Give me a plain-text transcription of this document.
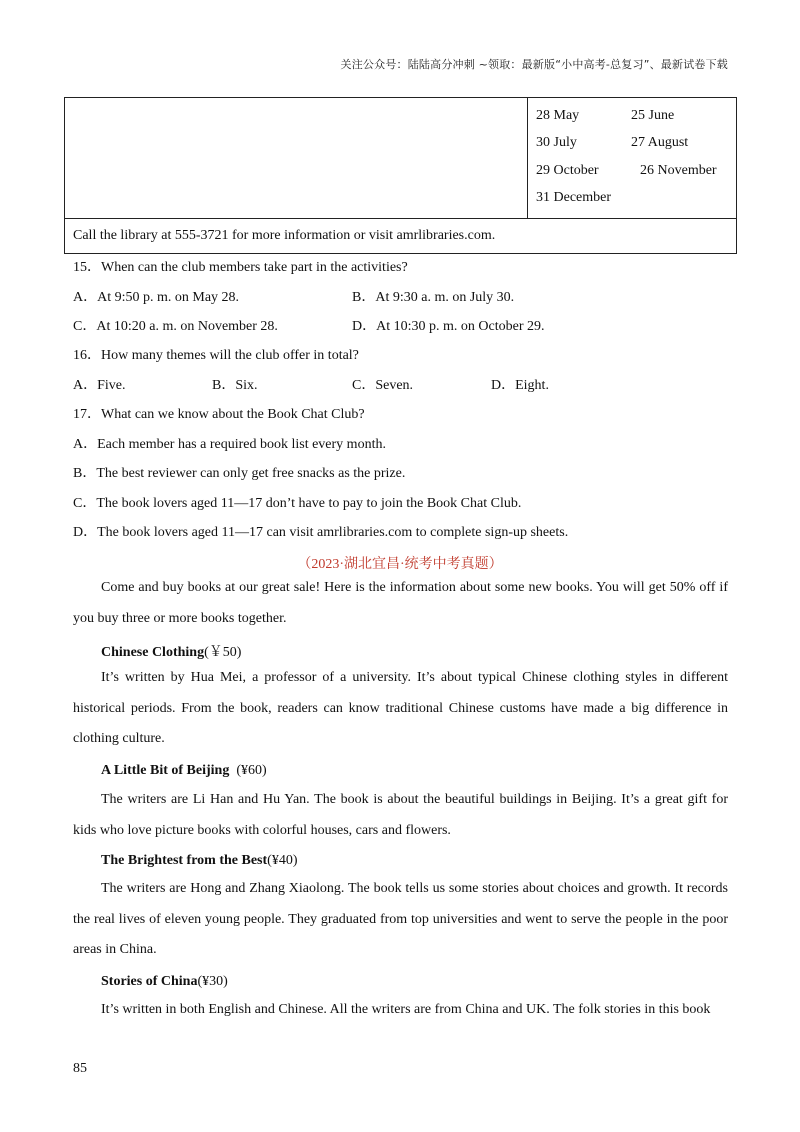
关注公众号：陆陆高分冲刺 ~领取：最新版“小中高考-总复习”、最新试卷下载

28 May	25 June
30 July	27 August
29 October	26 November
31 December

Call the library at 555-3721 for more information or visit amrlibraries.com.
15．When can the club members take part in the activities?
A．At 9:50 p. m. on May 28.	B．At 9:30 a. m. on July 30.
C．At 10:20 a. m. on November 28.	D．At 10:30 p. m. on October 29.
16．How many themes will the club offer in total?
A．Five.	B．Six.	C．Seven.	D．Eight.
17．What can we know about the Book Chat Club?
A．Each member has a required book list every month.
B．The best reviewer can only get free snacks as the prize.
C．The book lovers aged 11—17 don’t have to pay to join the Book Chat Club.
D．The book lovers aged 11—17 can visit amrlibraries.com to complete sign-up sheets.
（2023·湖北宜昌·统考中考真题）

Come and buy books at our great sale! Here is the information about some new books. You will get 50% off if you buy three or more books together.

Chinese Clothing(￥50)

It’s written by Hua Mei, a professor of a university. It’s about typical Chinese clothing styles in different historical periods. From the book, readers can know traditional Chinese customs have made a big difference in clothing culture.

A Little Bit of Beijing  (¥60)

The writers are Li Han and Hu Yan. The book is about the beautiful buildings in Beijing. It’s a great gift for kids who love picture books with colorful houses, cars and flowers.

The Brightest from the Best(¥40)

The writers are Hong and Zhang Xiaolong. The book tells us some stories about choices and growth. It records the real lives of eleven young people. They graduated from top universities and went to serve the people in the poor areas in China.

Stories of China(¥30)

It’s written in both English and Chinese. All the writers are from China and UK. The folk stories in this book

85
